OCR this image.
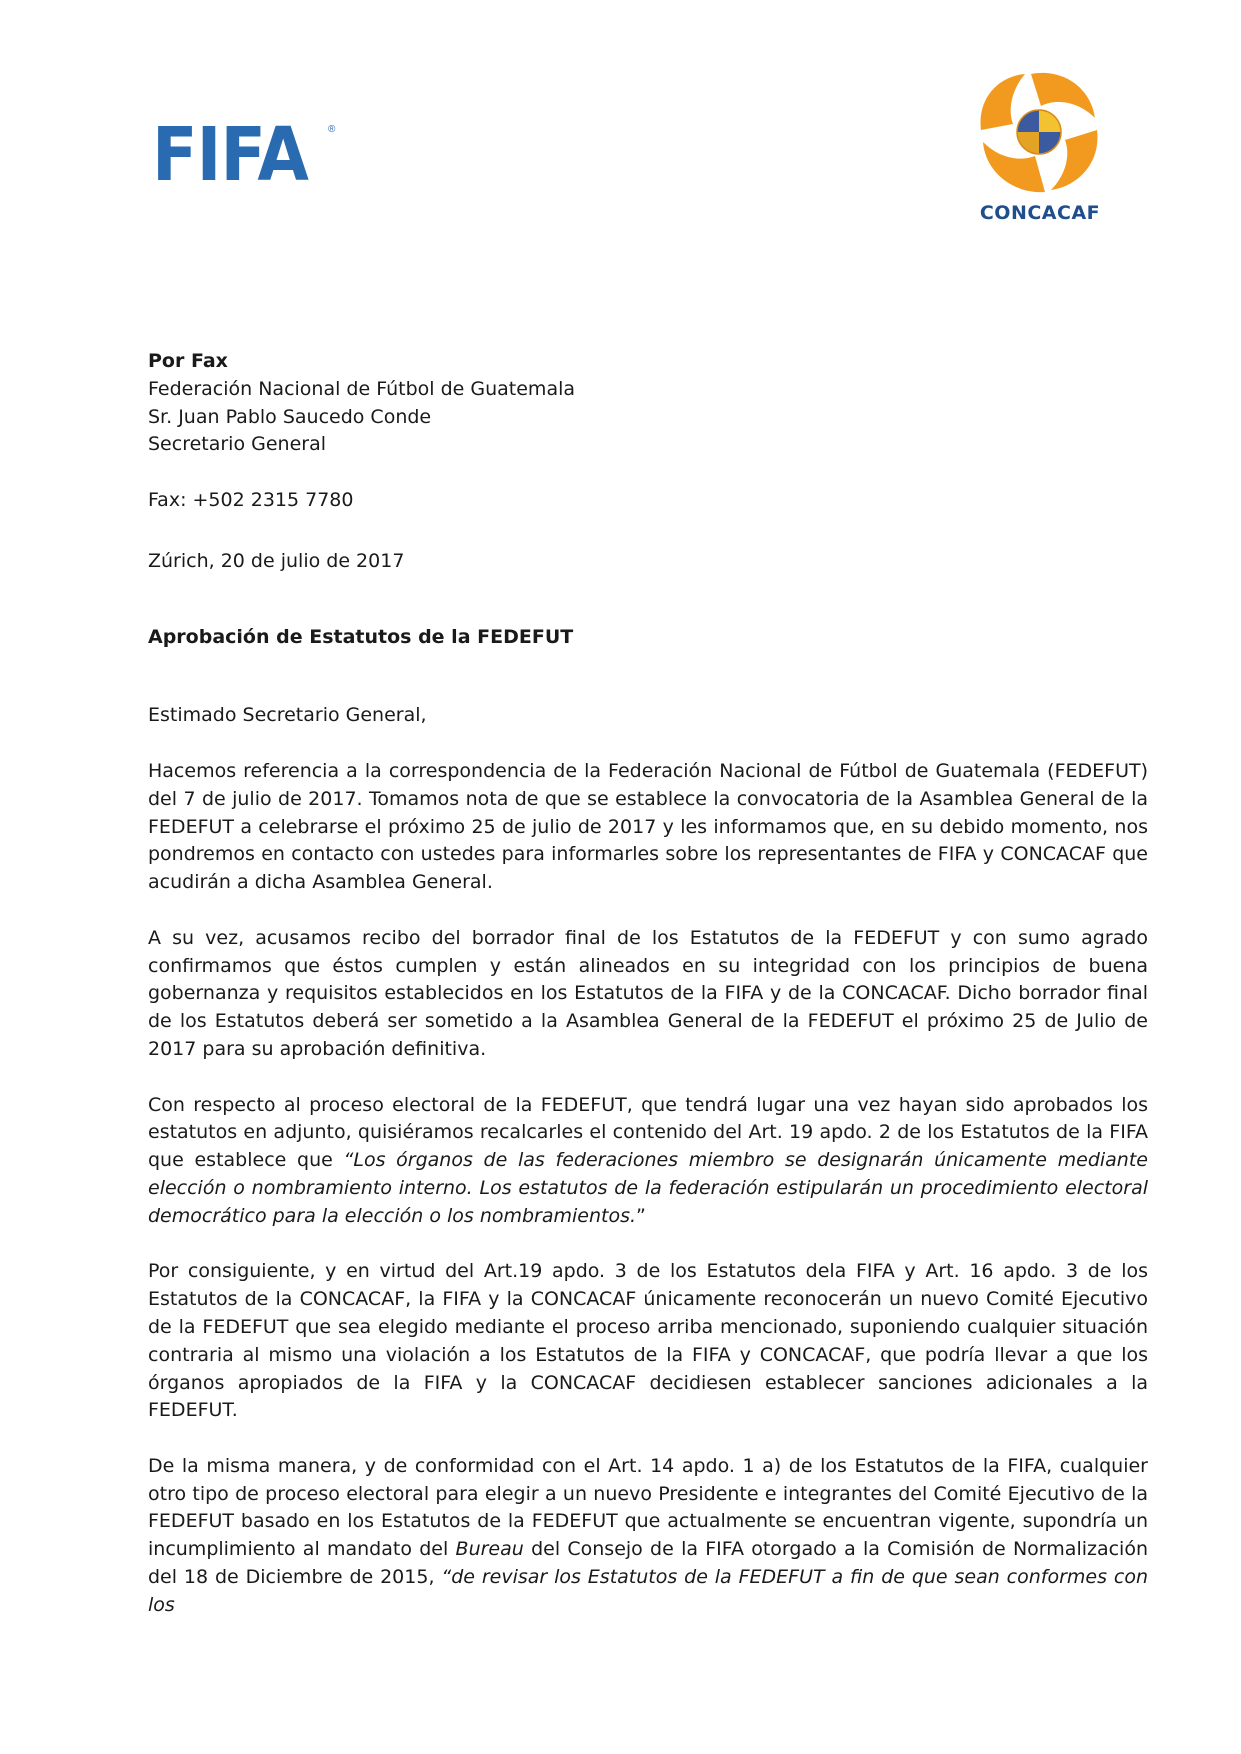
FIFA ®
CONCACAF

Por Fax

Federación Nacional de Fútbol de Guatemala

Sr. Juan Pablo Saucedo Conde

Secretario General

Fax: +502 2315 7780

Zúrich, 20 de julio de 2017

Aprobación de Estatutos de la FEDEFUT

Estimado Secretario General,

Hacemos referencia a la correspondencia de la Federación Nacional de Fútbol de Guatemala (FEDEFUT) del 7 de julio de 2017. Tomamos nota de que se establece la convocatoria de la Asamblea General de la FEDEFUT a celebrarse el próximo 25 de julio de 2017 y les informamos que, en su debido momento, nos pondremos en contacto con ustedes para informarles sobre los representantes de FIFA y CONCACAF que acudirán a dicha Asamblea General.

A su vez, acusamos recibo del borrador final de los Estatutos de la FEDEFUT y con sumo agrado confirmamos que éstos cumplen y están alineados en su integridad con los principios de buena gobernanza y requisitos establecidos en los Estatutos de la FIFA y de la CONCACAF. Dicho borrador final de los Estatutos deberá ser sometido a la Asamblea General de la FEDEFUT el próximo 25 de Julio de 2017 para su aprobación definitiva.

Con respecto al proceso electoral de la FEDEFUT, que tendrá lugar una vez hayan sido aprobados los estatutos en adjunto, quisiéramos recalcarles el contenido del Art. 19 apdo. 2 de los Estatutos de la FIFA que establece que “Los órganos de las federaciones miembro se designarán únicamente mediante elección o nombramiento interno. Los estatutos de la federación estipularán un procedimiento electoral democrático para la elección o los nombramientos.”

Por consiguiente, y en virtud del Art.19 apdo. 3 de los Estatutos dela FIFA y Art. 16 apdo. 3 de los Estatutos de la CONCACAF, la FIFA y la CONCACAF únicamente reconocerán un nuevo Comité Ejecutivo de la FEDEFUT que sea elegido mediante el proceso arriba mencionado, suponiendo cualquier situación contraria al mismo una violación a los Estatutos de la FIFA y CONCACAF, que podría llevar a que los órganos apropiados de la FIFA y la CONCACAF decidiesen establecer sanciones adicionales a la FEDEFUT.

De la misma manera, y de conformidad con el Art. 14 apdo. 1 a) de los Estatutos de la FIFA, cualquier otro tipo de proceso electoral para elegir a un nuevo Presidente e integrantes del Comité Ejecutivo de la FEDEFUT basado en los Estatutos de la FEDEFUT que actualmente se encuentran vigente, supondría un incumplimiento al mandato del Bureau del Consejo de la FIFA otorgado a la Comisión de Normalización del 18 de Diciembre de 2015, “de revisar los Estatutos de la FEDEFUT a fin de que sean conformes con los
